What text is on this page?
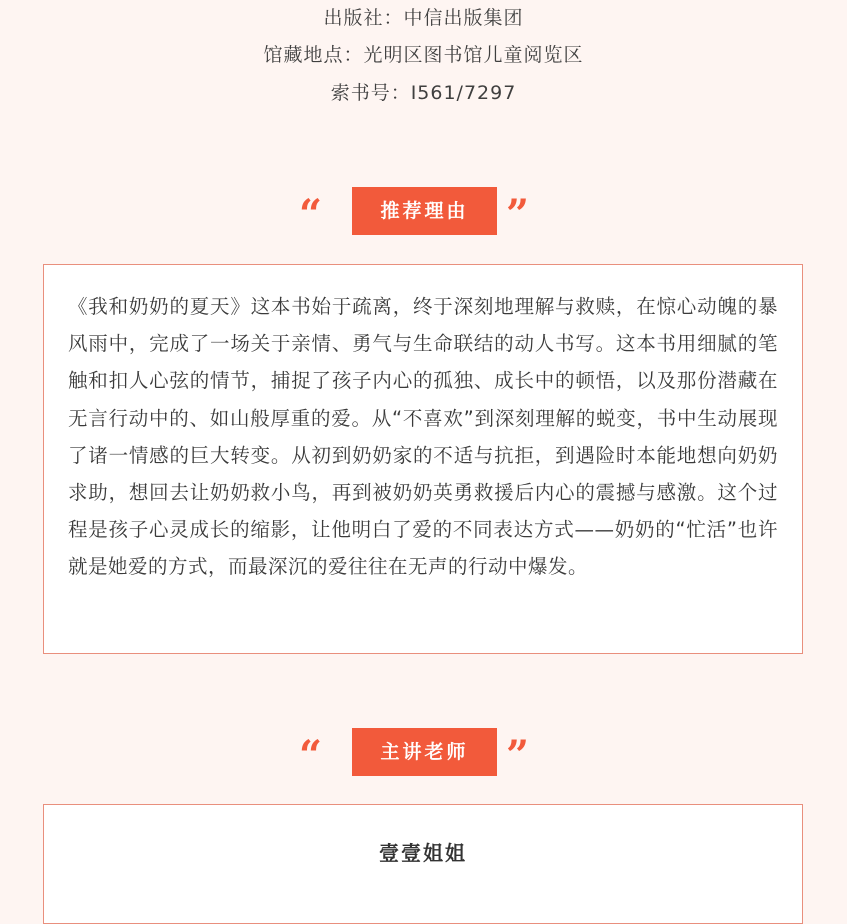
出版社：中信出版集团
馆藏地点：光明区图书馆儿童阅览区
索书号：I561/7297
“	推荐理由 ”
《我和奶奶的夏天》这本书始于疏离，终于深刻地理解与救赎，在惊心动魄的暴风雨中，完成了一场关于亲情、勇气与生命联结的动人书写。这本书用细腻的笔触和扣人心弦的情节，捕捉了孩子内心的孤独、成长中的顿悟，以及那份潜藏在无言行动中的、如山般厚重的爱。从“不喜欢”到深刻理解的蜕变，书中生动展现了诸一情感的巨大转变。从初到奶奶家的不适与抗拒，到遇险时本能地想向奶奶求助，想回去让奶奶救小鸟，再到被奶奶英勇救援后内心的震撼与感激。这个过程是孩子心灵成长的缩影，让他明白了爱的不同表达方式——奶奶的“忙活”也许就是她爱的方式，而最深沉的爱往往在无声的行动中爆发。
“	主讲老师 ”
壹壹姐姐
